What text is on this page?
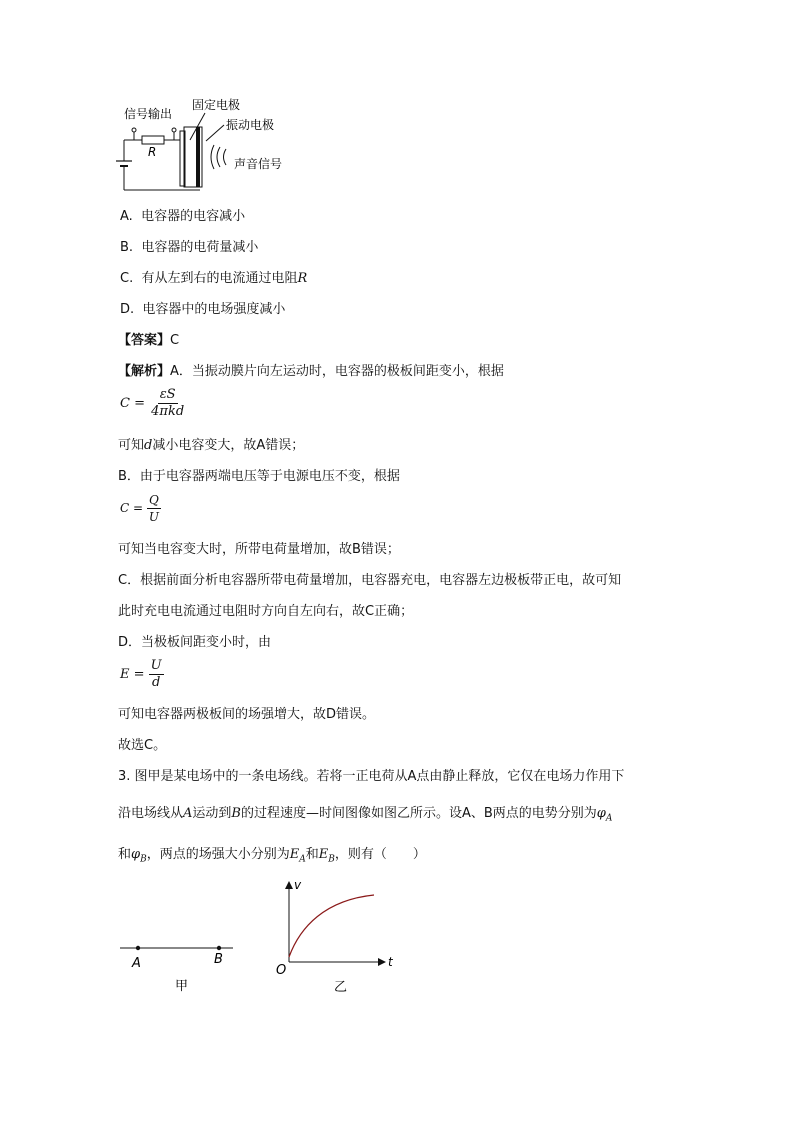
信号输出
固定电极
振动电极
声音信号
R
A. 电容器的电容减小
B. 电容器的电荷量减小
C. 有从左到右的电流通过电阻R
D. 电容器中的电场强度减小
【答案】C
【解析】A．当振动膜片向左运动时，电容器的极板间距变小，根据
$C = \frac{\varepsilon S}{\text{4πkd}}$
可知d减小电容变大，故A错误；
B．由于电容器两端电压等于电源电压不变，根据
$C = \frac{Q}{U}$
可知当电容变大时，所带电荷量增加，故B错误；
C．根据前面分析电容器所带电荷量增加，电容器充电，电容器左边极板带正电，故可知
此时充电电流通过电阻时方向自左向右，故C正确；
D．当极板间距变小时，由
$E = \frac{U}{d}$
可知电容器两极板间的场强增大，故D错误。
故选C。
3. 图甲是某电场中的一条电场线。若将一正电荷从A点由静止释放，它仅在电场力作用下
沿电场线从A运动到B的过程速度—时间图像如图乙所示。设A、B两点的电势分别为$\varphi_A$
和$\varphi_B$，两点的场强大小分别为$E_A$和$E_B$，则有（　　）
A	B
甲
v
t
O
乙
